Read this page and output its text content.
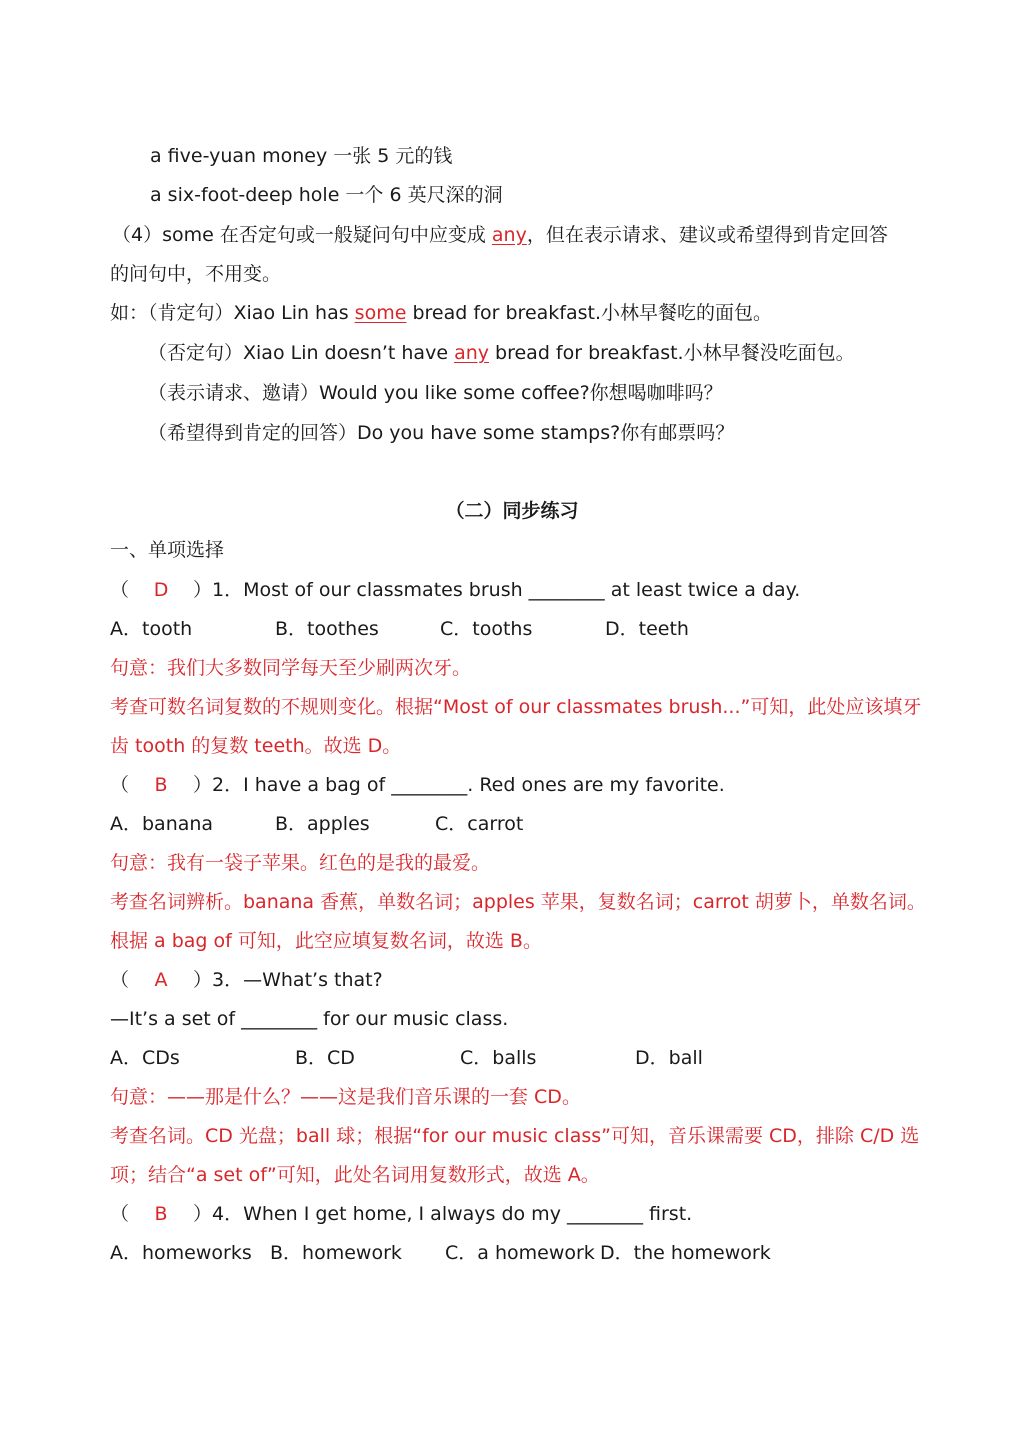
a five-yuan money 一张 5 元的钱
a six-foot-deep hole 一个 6 英尺深的洞
（4）some 在否定句或一般疑问句中应变成 any，但在表示请求、建议或希望得到肯定回答
的问句中，不用变。
如：（肯定句）Xiao Lin has some bread for breakfast.小林早餐吃的面包。
（否定句）Xiao Lin doesn’t have any bread for breakfast.小林早餐没吃面包。
（表示请求、邀请）Would you like some coffee?你想喝咖啡吗？
（希望得到肯定的回答）Do you have some stamps?你有邮票吗？
（二）同步练习
一、单项选择
（ D ）1．Most of our classmates brush ________ at least twice a day.
A．tooth	B．toothes	C．tooths	D．teeth
句意：我们大多数同学每天至少刷两次牙。
考查可数名词复数的不规则变化。根据“Most of our classmates brush...”可知，此处应该填牙
齿 tooth 的复数 teeth。故选 D。
（ B ）2．I have a bag of ________. Red ones are my favorite.
A．banana	B．apples	C．carrot
句意：我有一袋子苹果。红色的是我的最爱。
考查名词辨析。banana 香蕉，单数名词；apples 苹果，复数名词；carrot 胡萝卜，单数名词。
根据 a bag of 可知，此空应填复数名词，故选 B。
（ A ）3．—What’s that?
—It’s a set of ________ for our music class.
A．CDs	B．CD	C．balls	D．ball
句意：——那是什么？——这是我们音乐课的一套 CD。
考查名词。CD 光盘；ball 球；根据“for our music class”可知，音乐课需要 CD，排除 C/D 选
项；结合“a set of”可知，此处名词用复数形式，故选 A。
（ B ）4．When I get home, I always do my ________ first.
A．homeworks B．homework C．a homework D．the homework
